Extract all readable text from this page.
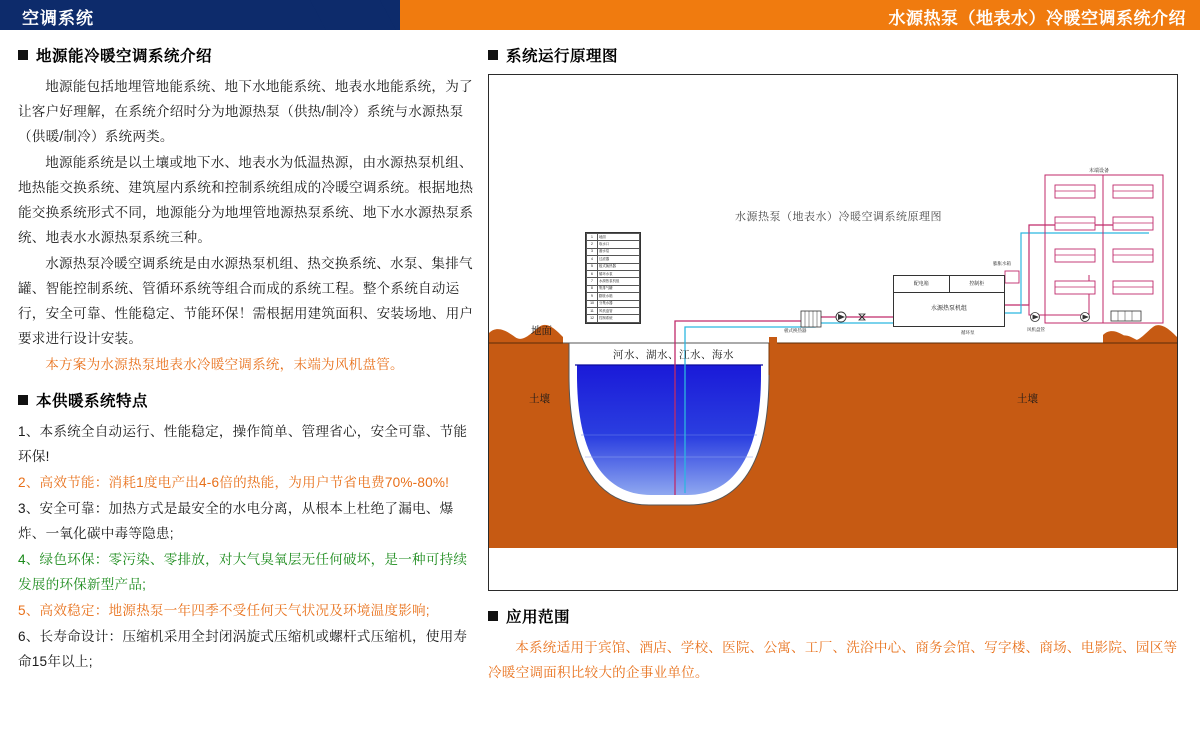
空调系统	水源热泵（地表水）冷暖空调系统介绍
地源能冷暖空调系统介绍

地源能包括地埋管地能系统、地下水地能系统、地表水地能系统，为了让客户好理解，在系统介绍时分为地源热泵（供热/制冷）系统与水源热泵（供暖/制冷）系统两类。

地源能系统是以土壤或地下水、地表水为低温热源，由水源热泵机组、地热能交换系统、建筑屋内系统和控制系统组成的冷暖空调系统。根据地热能交换系统形式不同，地源能分为地埋管地源热泵系统、地下水水源热泵系统、地表水水源热泵系统三种。

水源热泵冷暖空调系统是由水源热泵机组、热交换系统、水泵、集排气罐、智能控制系统、管循环系统等组合而成的系统工程。整个系统自动运行，安全可靠、性能稳定、节能环保！需根据用建筑面积、安装场地、用户要求进行设计安装。

本方案为水源热泵地表水冷暖空调系统，末端为风机盘管。

本供暖系统特点

1、本系统全自动运行、性能稳定，操作简单、管理省心，安全可靠、节能环保!

2、高效节能：消耗1度电产出4-6倍的热能，为用户节省电费70%-80%!

3、安全可靠：加热方式是最安全的水电分离，从根本上杜绝了漏电、爆炸、一氧化碳中毒等隐患;

4、绿色环保：零污染、零排放，对大气臭氧层无任何破坏，是一种可持续发展的环保新型产品;

5、高效稳定：地源热泵一年四季不受任何天气状况及环境温度影响;

6、长寿命设计：压缩机采用全封闭涡旋式压缩机或螺杆式压缩机，使用寿命15年以上;

系统运行原理图
水源热泵（地表水）冷暖空调系统原理图
地面
河水、湖水、江水、海水
土壤	土壤
1	地面
2	取水口
3	潜水泵
4	过滤器
5	板式换热器
6	循环水泵
7	水源热泵机组
8	集排气罐
9	膨胀水箱
10	分集水器
11	风机盘管
12	控制系统
配电箱	控制柜
水源热泵机组
板式换热器	循环泵
膨胀水箱
风机盘管
末端设备
应用范围

本系统适用于宾馆、酒店、学校、医院、公寓、工厂、洗浴中心、商务会馆、写字楼、商场、电影院、园区等冷暖空调面积比较大的企事业单位。
